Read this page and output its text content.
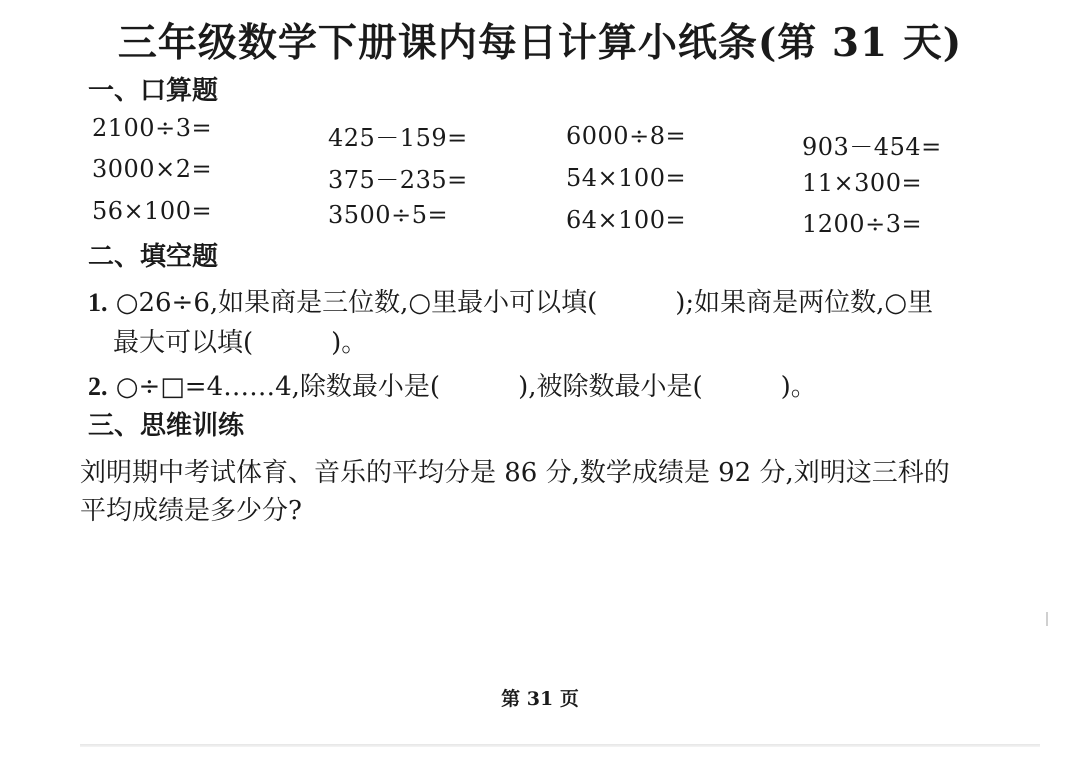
三年级数学下册课内每日计算小纸条(第 31 天)
一、口算题
2100÷3=	425－159=	6000÷8=	903－454=
3000×2=	375－235=	54×100=	11×300=
56×100=	3500÷5=	64×100=	1200÷3=
二、填空题
1. ○26÷6,如果商是三位数,○里最小可以填(　　　);如果商是两位数,○里
最大可以填(　　　)。
2. ○÷□=4……4,除数最小是(　　　),被除数最小是(　　　)。
三、思维训练
刘明期中考试体育、音乐的平均分是 86 分,数学成绩是 92 分,刘明这三科的
平均成绩是多少分?
第 31 页
